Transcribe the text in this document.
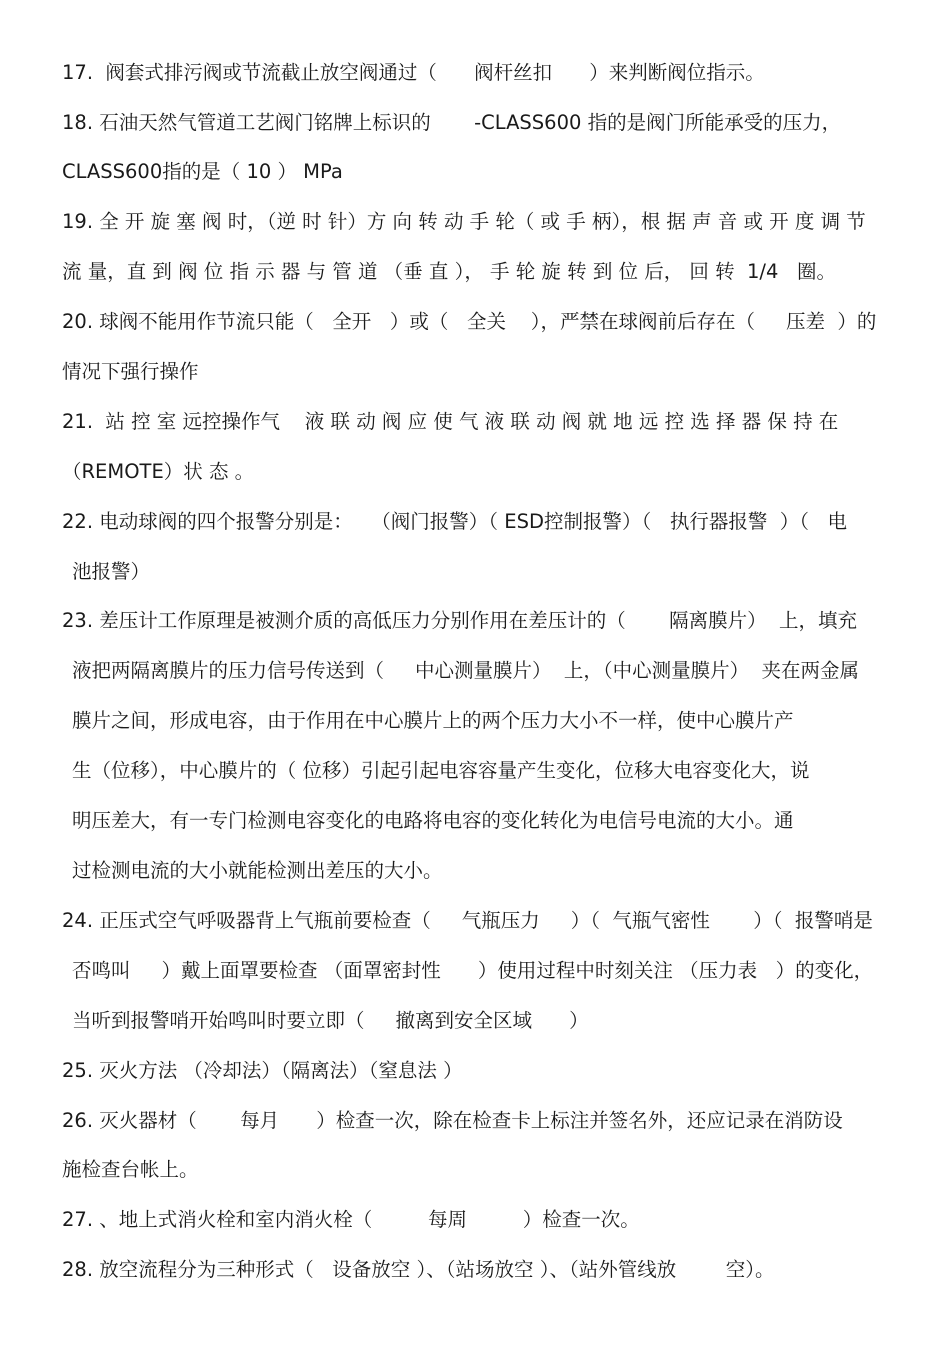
17.  阀套式排污阀或节流截止放空阀通过（      阀杆丝扣      ）来判断阀位指示。
18. 石油天然气管道工艺阀门铭牌上标识的       -CLASS600 指的是阀门所能承受的压力，
CLASS600指的是（ 10 ） MPa
19. 全 开 旋 塞 阀 时，（逆 时 针）方 向 转 动 手 轮（ 或 手 柄），根 据 声 音 或 开 度 调 节
流 量，直 到 阀 位 指 示 器 与 管 道 （垂 直 ）， 手 轮 旋 转 到 位 后， 回 转  1/4   圈。
20. 球阀不能用作节流只能（   全开   ）或（   全关    ），严禁在球阀前后存在（     压差  ）的
情况下强行操作
21.  站 控 室 远控操作气    液 联 动 阀 应 使 气 液 联 动 阀 就 地 远 控 选 择 器 保 持 在
（REMOTE）状 态 。
22. 电动球阀的四个报警分别是：   （阀门报警）（ ESD控制报警）（   执行器报警  ）（   电
池报警）
23. 差压计工作原理是被测介质的高低压力分别作用在差压计的（       隔离膜片）  上，填充
液把两隔离膜片的压力信号传送到（     中心测量膜片）  上，（中心测量膜片）  夹在两金属
膜片之间，形成电容，由于作用在中心膜片上的两个压力大小不一样，使中心膜片产
生（位移），中心膜片的（ 位移）引起引起电容容量产生变化，位移大电容变化大，说
明压差大，有一专门检测电容变化的电路将电容的变化转化为电信号电流的大小。通
过检测电流的大小就能检测出差压的大小。
24. 正压式空气呼吸器背上气瓶前要检查（     气瓶压力     ）（  气瓶气密性       ）（  报警哨是
否鸣叫     ）戴上面罩要检查 （面罩密封性      ）使用过程中时刻关注 （压力表   ）的变化，
当听到报警哨开始鸣叫时要立即（     撤离到安全区域      ）
25. 灭火方法 （冷却法）（隔离法）（窒息法 ）
26. 灭火器材（       每月      ）检查一次，除在检查卡上标注并签名外，还应记录在消防设
施检查台帐上。
27. 、地上式消火栓和室内消火栓（         每周         ）检查一次。
28. 放空流程分为三种形式（   设备放空 ）、（站场放空 ）、（站外管线放        空）。
